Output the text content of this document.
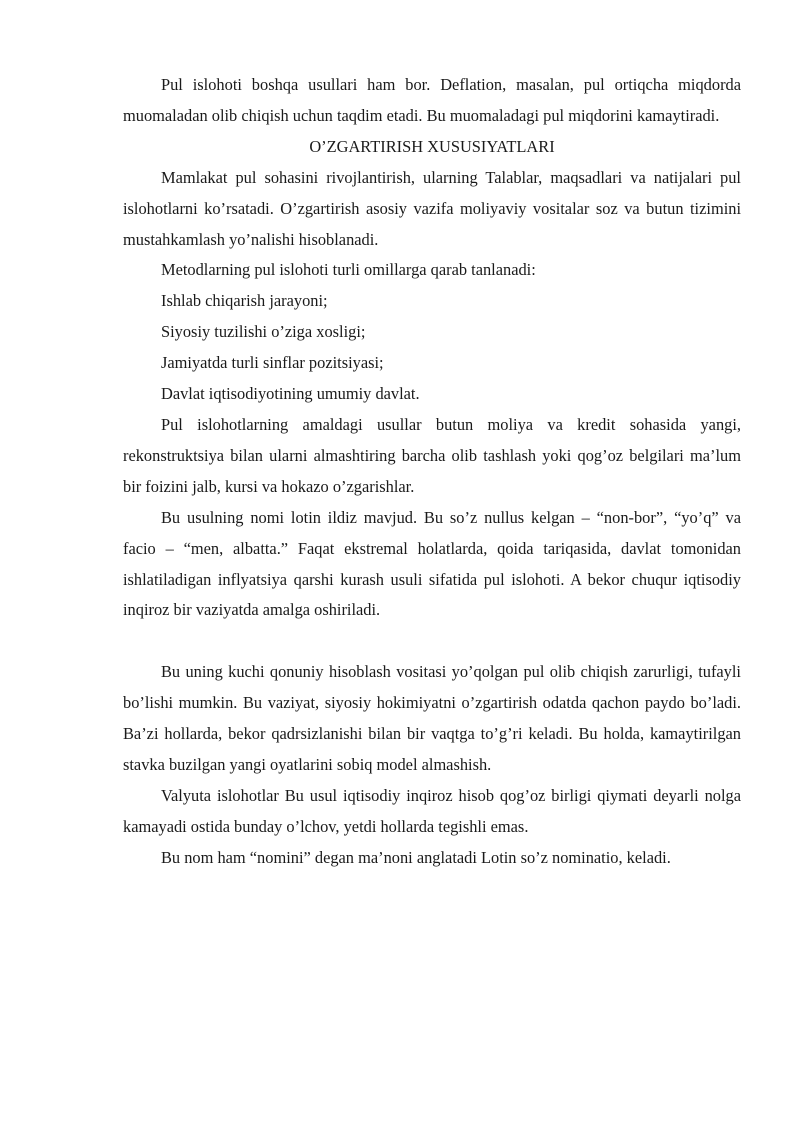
Pul islohoti boshqa usullari ham bor. Deflation, masalan, pul ortiqcha miqdorda muomaladan olib chiqish uchun taqdim etadi. Bu muomaladagi pul miqdorini kamaytiradi.

O’ZGARTIRISH XUSUSIYATLARI

Mamlakat pul sohasini rivojlantirish, ularning Talablar, maqsadlari va natijalari pul islohotlarni ko’rsatadi. O’zgartirish asosiy vazifa moliyaviy vositalar soz va butun tizimini mustahkamlash yo’nalishi hisoblanadi.

Metodlarning pul islohoti turli omillarga qarab tanlanadi:

Ishlab chiqarish jarayoni;

Siyosiy tuzilishi o’ziga xosligi;

Jamiyatda turli sinflar pozitsiyasi;

Davlat iqtisodiyotining umumiy davlat.

Pul islohotlarning amaldagi usullar butun moliya va kredit sohasida yangi, rekonstruktsiya bilan ularni almashtiring barcha olib tashlash yoki qog’oz belgilari ma’lum bir foizini jalb, kursi va hokazo o’zgarishlar.

Bu usulning nomi lotin ildiz mavjud. Bu so’z nullus kelgan – “non-bor”, “yo’q” va facio – “men, albatta.” Faqat ekstremal holatlarda, qoida tariqasida, davlat tomonidan ishlatiladigan inflyatsiya qarshi kurash usuli sifatida pul islohoti. A bekor chuqur iqtisodiy inqiroz bir vaziyatda amalga oshiriladi.

Bu uning kuchi qonuniy hisoblash vositasi yo’qolgan pul olib chiqish zarurligi, tufayli bo’lishi mumkin. Bu vaziyat, siyosiy hokimiyatni o’zgartirish odatda qachon paydo bo’ladi. Ba’zi hollarda, bekor qadrsizlanishi bilan bir vaqtga to’g’ri keladi. Bu holda, kamaytirilgan stavka buzilgan yangi oyatlarini sobiq model almashish.

Valyuta islohotlar Bu usul iqtisodiy inqiroz hisob qog’oz birligi qiymati deyarli nolga kamayadi ostida bunday o’lchov, yetdi hollarda tegishli emas.

Bu nom ham “nomini” degan ma’noni anglatadi Lotin so’z nominatio, keladi.
